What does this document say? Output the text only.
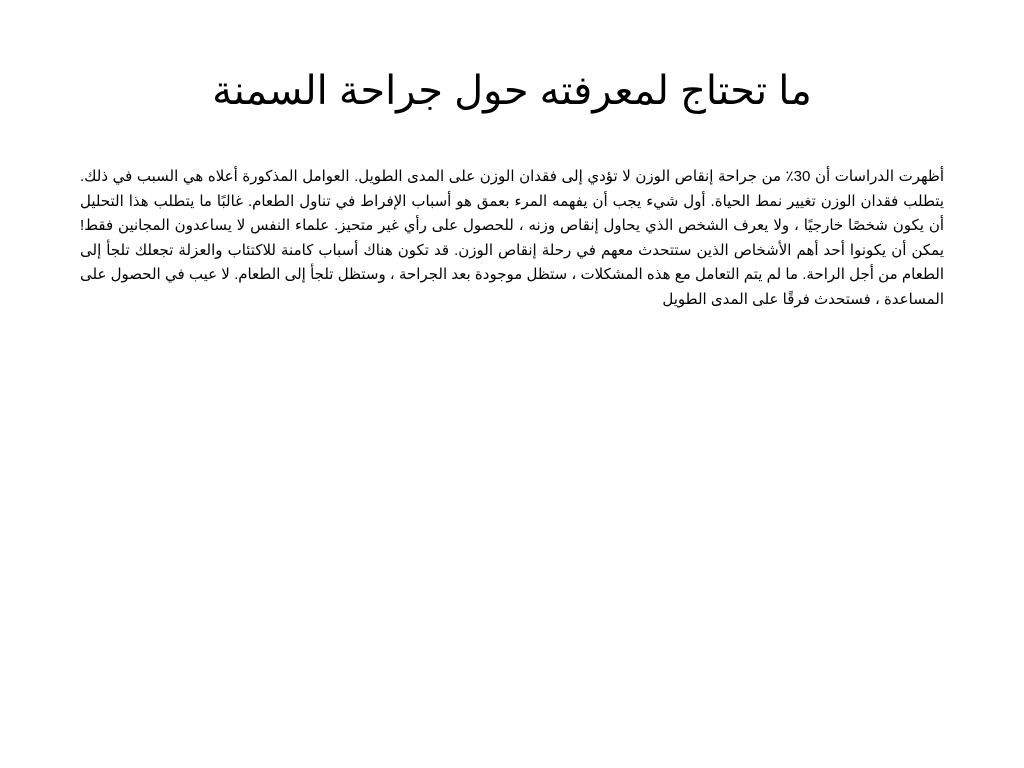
ما تحتاج لمعرفته حول جراحة السمنة

أظهرت الدراسات أن 30٪ من جراحة إنقاص الوزن لا تؤدي إلى فقدان الوزن على المدى الطويل. العوامل المذكورة أعلاه هي السبب في ذلك. يتطلب فقدان الوزن تغيير نمط الحياة. أول شيء يجب أن يفهمه المرء بعمق هو أسباب الإفراط في تناول الطعام. غالبًا ما يتطلب هذا التحليل أن يكون شخصًا خارجيًا ، ولا يعرف الشخص الذي يحاول إنقاص وزنه ، للحصول على رأي غير متحيز. علماء النفس لا يساعدون المجانين فقط! يمكن أن يكونوا أحد أهم الأشخاص الذين ستتحدث معهم في رحلة إنقاص الوزن. قد تكون هناك أسباب كامنة للاكتئاب والعزلة تجعلك تلجأ إلى الطعام من أجل الراحة. ما لم يتم التعامل مع هذه المشكلات ، ستظل موجودة بعد الجراحة ، وستظل تلجأ إلى الطعام. لا عيب في الحصول على المساعدة ، فستحدث فرقًا على المدى الطويل
